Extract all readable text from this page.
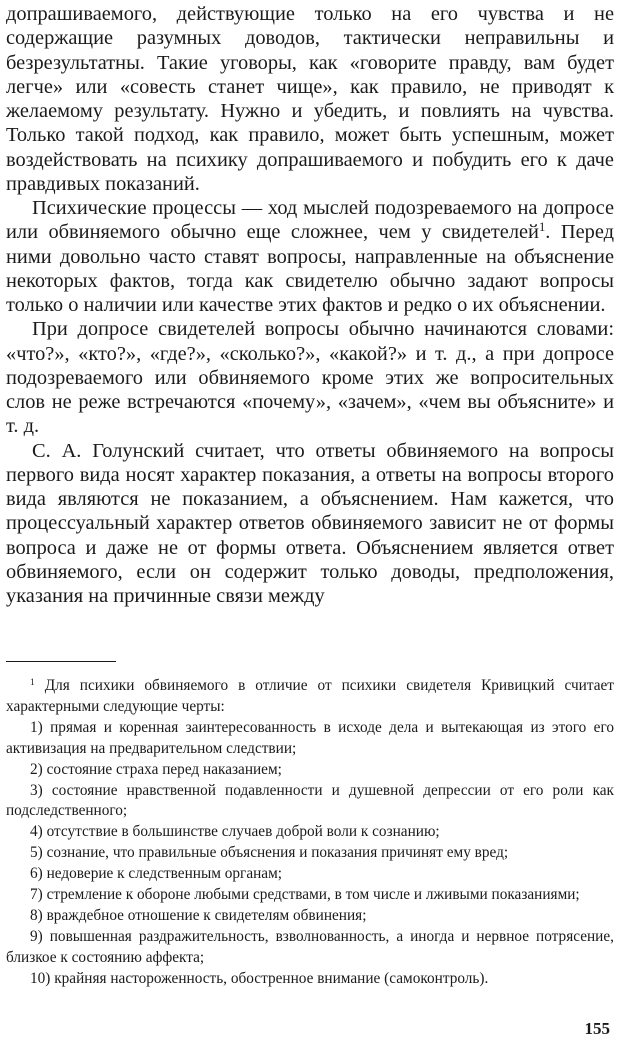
допрашиваемого, действующие только на его чувства и не содержащие разумных доводов, тактически неправильны и безрезультатны. Такие уговоры, как «говорите правду, вам будет легче» или «совесть станет чище», как правило, не приводят к желаемому результату. Нужно и убедить, и повлиять на чувства. Только такой подход, как правило, может быть успешным, может воздействовать на психику допрашиваемого и побудить его к даче правдивых показаний.

Психические процессы — ход мыслей подозреваемого на допросе или обвиняемого обычно еще сложнее, чем у свидетелей$^1$. Перед ними довольно часто ставят вопросы, направленные на объяснение некоторых фактов, тогда как свидетелю обычно задают вопросы только о наличии или качестве этих фактов и редко о их объяснении.

При допросе свидетелей вопросы обычно начинаются словами: «что?», «кто?», «где?», «сколько?», «какой?» и т. д., а при допросе подозреваемого или обвиняемого кроме этих же вопросительных слов не реже встречаются «почему», «зачем», «чем вы объясните» и т. д.

С. А. Голунский считает, что ответы обвиняемого на вопросы первого вида носят характер показания, а ответы на вопросы второго вида являются не показанием, а объяснением. Нам кажется, что процессуальный характер ответов обвиняемого зависит не от формы вопроса и даже не от формы ответа. Объяснением является ответ обвиняемого, если он содержит только доводы, предположения, указания на причинные связи между

$^1$ Для психики обвиняемого в отличие от психики свидетеля Кривицкий считает характерными следующие черты:

1) прямая и коренная заинтересованность в исходе дела и вытекающая из этого его активизация на предварительном следствии;

2) состояние страха перед наказанием;

3) состояние нравственной подавленности и душевной депрессии от его роли как подследственного;

4) отсутствие в большинстве случаев доброй воли к сознанию;

5) сознание, что правильные объяснения и показания причинят ему вред;

6) недоверие к следственным органам;

7) стремление к обороне любыми средствами, в том числе и лживыми показаниями;

8) враждебное отношение к свидетелям обвинения;

9) повышенная раздражительность, взволнованность, а иногда и нервное потрясение, близкое к состоянию аффекта;

10) крайняя настороженность, обостренное внимание (самоконтроль).

155
